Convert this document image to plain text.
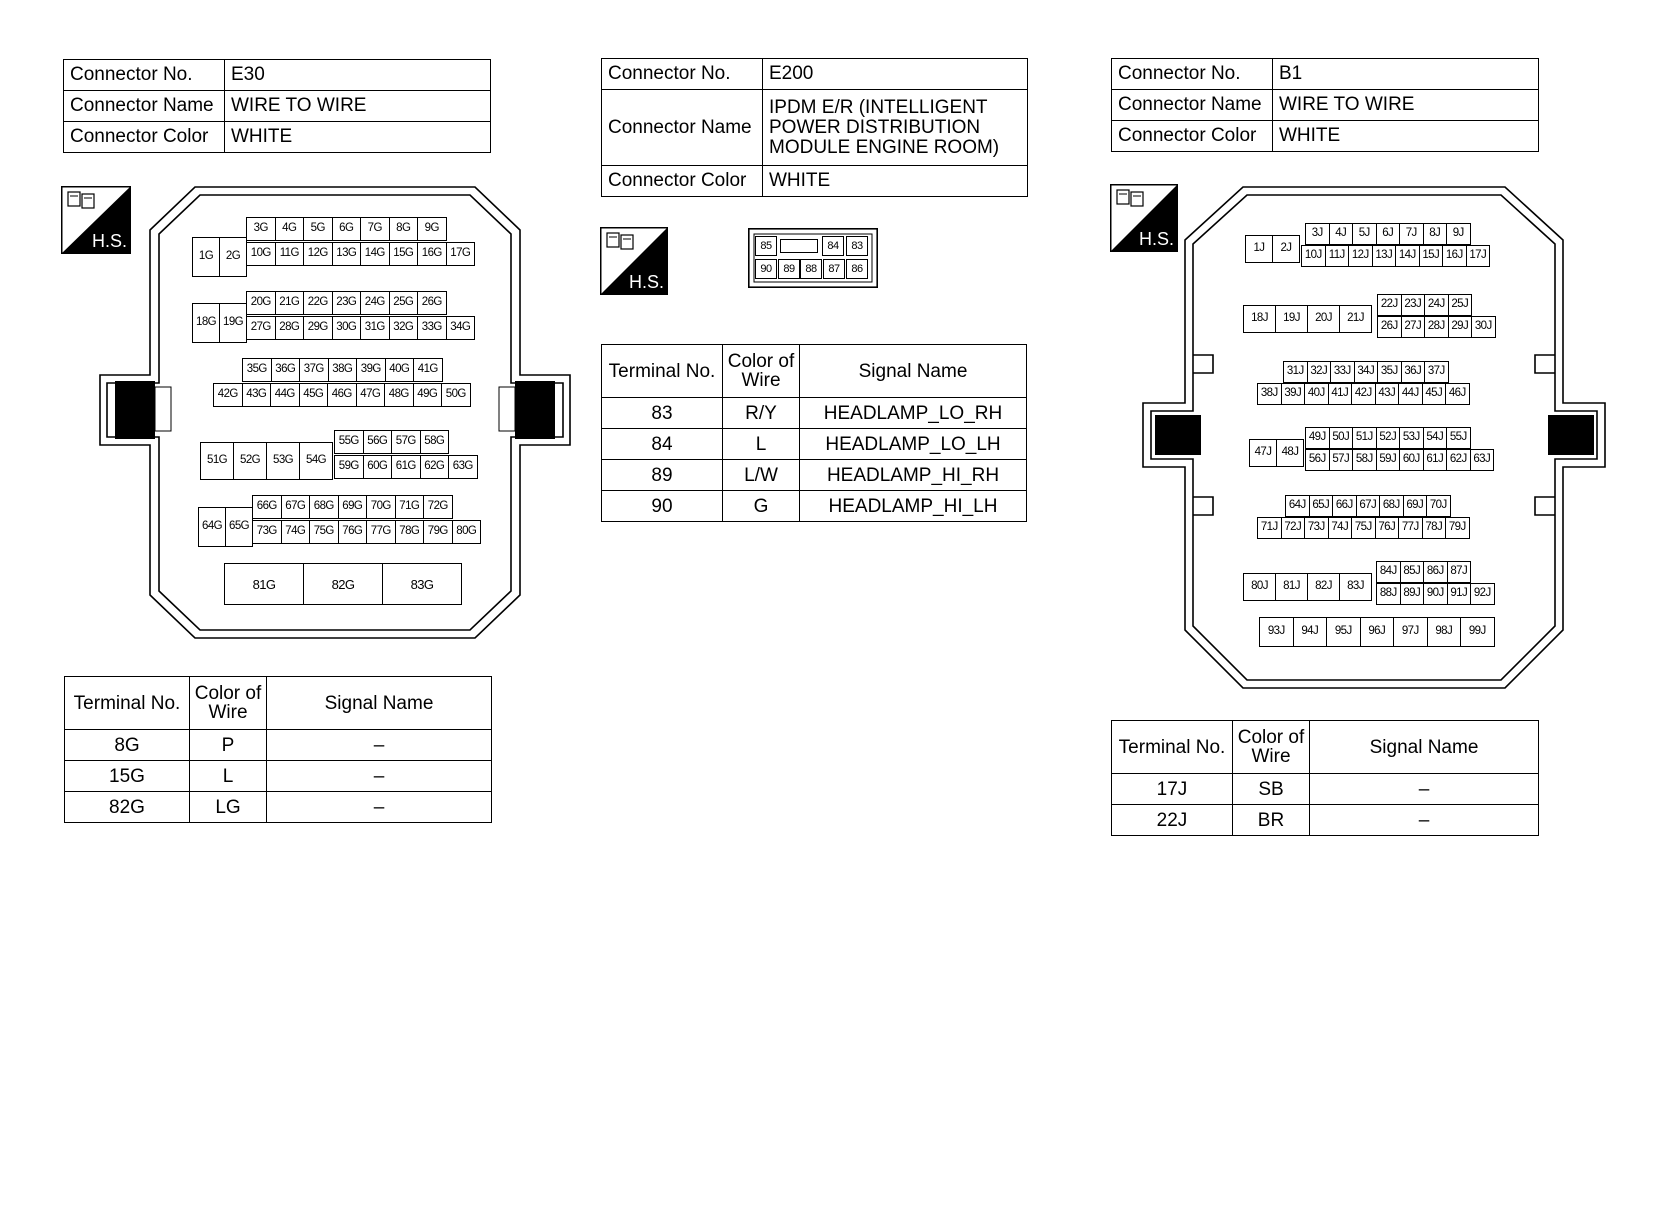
Connector No.	E30
Connector Name	WIRE TO WIRE
Connector Color	WHITE
H.S.
1G	2G
3G	4G	5G	6G	7G	8G	9G
10G 11G 12G 13G 14G 15G 16G 17G
18G 19G
20G 21G 22G 23G 24G 25G 26G
27G 28G 29G 30G 31G 32G 33G 34G
35G 36G 37G 38G 39G 40G 41G
42G 43G 44G 45G 46G 47G 48G 49G 50G
51G	52G	53G	54G
55G 56G 57G 58G
59G 60G 61G 62G 63G
64G 65G
66G 67G 68G 69G 70G 71G 72G
73G 74G 75G 76G 77G 78G 79G 80G
81G	82G	83G
Terminal No.	Color of Wire	Signal Name
8G	P	–
15G	L	–
82G	LG	–
Connector No.	E200
Connector Name	IPDM E/R (INTELLIGENT POWER DISTRIBUTION MODULE ENGINE ROOM)
Connector Color	WHITE
H.S.
85	84	83
90	89 88	87	86
Terminal No.	Color of Wire	Signal Name
83	R/Y	HEADLAMP_LO_RH
84	L	HEADLAMP_LO_LH
89	L/W	HEADLAMP_HI_RH
90	G	HEADLAMP_HI_LH
Connector No.	B1
Connector Name	WIRE TO WIRE
Connector Color	WHITE
H.S.	1J	2J
3J	4J	5J	6J	7J	8J	9J
10J 11J 12J 13J 14J 15J 16J 17J
18J	19J	20J	21J
22J 23J 24J 25J
26J 27J 28J 29J 30J
31J 32J 33J 34J 35J 36J 37J
38J 39J 40J 41J 42J 43J 44J 45J 46J
47J 48J
49J 50J 51J 52J 53J 54J 55J
56J 57J 58J 59J 60J 61J 62J 63J
64J 65J 66J 67J 68J 69J 70J
71J 72J 73J 74J 75J 76J 77J 78J 79J
80J	81J	82J	83J
84J 85J 86J 87J
88J 89J 90J 91J 92J
93J	94J	95J	96J	97J	98J	99J
Terminal No.	Color of Wire	Signal Name
17J	SB	–
22J	BR	–
